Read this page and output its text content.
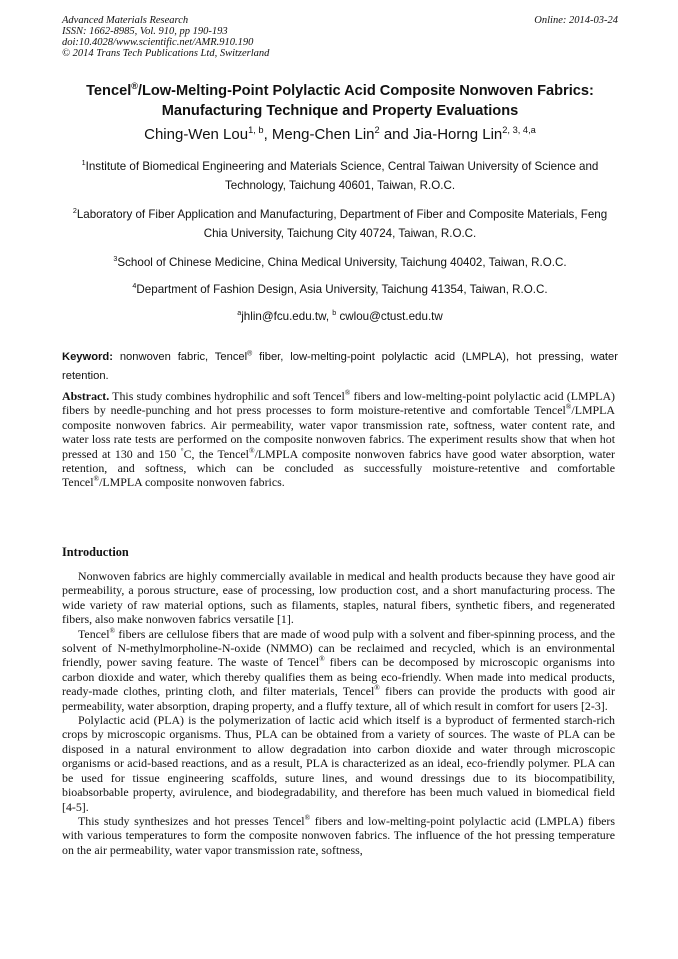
Advanced Materials Research
ISSN: 1662-8985, Vol. 910, pp 190-193
doi:10.4028/www.scientific.net/AMR.910.190
© 2014 Trans Tech Publications Ltd, Switzerland
Online: 2014-03-24
Tencel®/Low-Melting-Point Polylactic Acid Composite Nonwoven Fabrics: Manufacturing Technique and Property Evaluations
Ching-Wen Lou$^{1, b}$, Meng-Chen Lin$^2$ and Jia-Horng Lin$^{2, 3, 4,a}$
$^1$Institute of Biomedical Engineering and Materials Science, Central Taiwan University of Science and Technology, Taichung 40601, Taiwan, R.O.C.
$^2$Laboratory of Fiber Application and Manufacturing, Department of Fiber and Composite Materials, Feng Chia University, Taichung City 40724, Taiwan, R.O.C.
$^3$School of Chinese Medicine, China Medical University, Taichung 40402, Taiwan, R.O.C.
$^4$Department of Fashion Design, Asia University, Taichung 41354, Taiwan, R.O.C.
$^a$jhlin@fcu.edu.tw, $^b$ cwlou@ctust.edu.tw
Keyword: nonwoven fabric, Tencel® fiber, low-melting-point polylactic acid (LMPLA), hot pressing, water retention.
Abstract. This study combines hydrophilic and soft Tencel® fibers and low-melting-point polylactic acid (LMPLA) fibers by needle-punching and hot press processes to form moisture-retentive and comfortable Tencel®/LMPLA composite nonwoven fabrics. Air permeability, water vapor transmission rate, softness, water content rate, and water loss rate tests are performed on the composite nonwoven fabrics. The experiment results show that when hot pressed at 130 and 150 °C, the Tencel®/LMPLA composite nonwoven fabrics have good water absorption, water retention, and softness, which can be concluded as successfully moisture-retentive and comfortable Tencel®/LMPLA composite nonwoven fabrics.
Introduction

Nonwoven fabrics are highly commercially available in medical and health products because they have good air permeability, a porous structure, ease of processing, low production cost, and a short manufacturing process. The wide variety of raw material options, such as filaments, staples, natural fibers, synthetic fibers, and regenerated fibers, also make nonwoven fabrics versatile [1].

Tencel® fibers are cellulose fibers that are made of wood pulp with a solvent and fiber-spinning process, and the solvent of N-methylmorpholine-N-oxide (NMMO) can be reclaimed and recycled, which is an environmental friendly, power saving feature. The waste of Tencel® fibers can be decomposed by microscopic organisms into carbon dioxide and water, which thereby qualifies them as being eco-friendly. When made into medical products, ready-made clothes, printing cloth, and filter materials, Tencel® fibers can provide the products with good air permeability, water absorption, draping property, and a fluffy texture, all of which result in comfort for users [2-3].

Polylactic acid (PLA) is the polymerization of lactic acid which itself is a byproduct of fermented starch-rich crops by microscopic organisms. Thus, PLA can be obtained from a variety of sources. The waste of PLA can be disposed in a natural environment to allow degradation into carbon dioxide and water through microscopic organisms or acid-based reactions, and as a result, PLA is characterized as an ideal, eco-friendly polymer. PLA can be used for tissue engineering scaffolds, suture lines, and wound dressings due to its biocompatibility, bioabsorbable property, avirulence, and biodegradability, and therefore has been much valued in biomedical field [4-5].

This study synthesizes and hot presses Tencel® fibers and low-melting-point polylactic acid (LMPLA) fibers with various temperatures to form the composite nonwoven fabrics. The influence of the hot pressing temperature on the air permeability, water vapor transmission rate, softness,
